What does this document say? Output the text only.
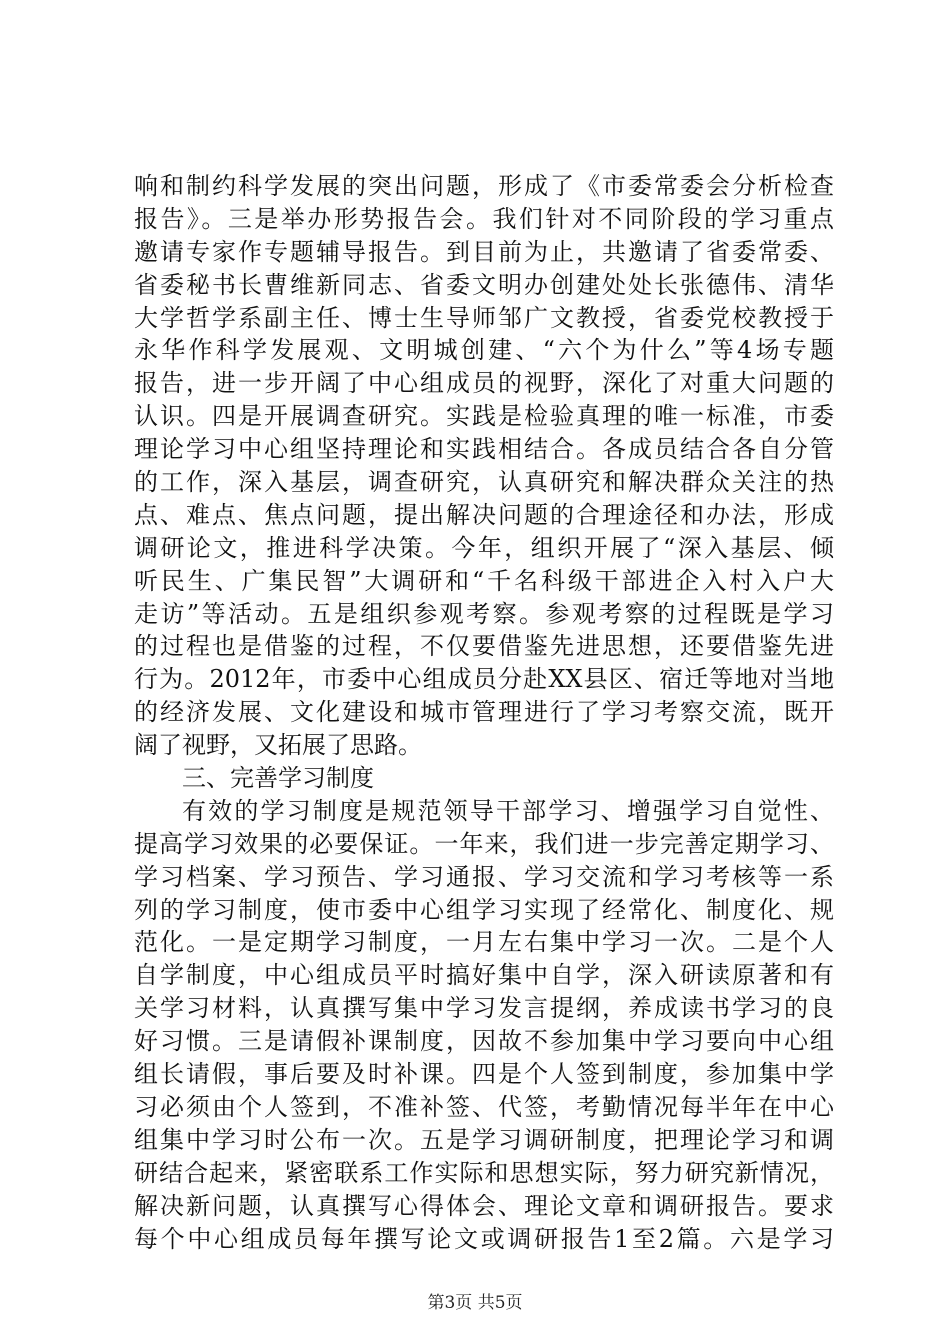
响和制约科学发展的突出问题，形成了《市委常委会分析检查
报告》。三是举办形势报告会。我们针对不同阶段的学习重点
邀请专家作专题辅导报告。到目前为止，共邀请了省委常委、
省委秘书长曹维新同志、省委文明办创建处处长张德伟、清华
大学哲学系副主任、博士生导师邹广文教授，省委党校教授于
永华作科学发展观、文明城创建、“六个为什么”等4场专题
报告，进一步开阔了中心组成员的视野，深化了对重大问题的
认识。四是开展调查研究。实践是检验真理的唯一标准，市委
理论学习中心组坚持理论和实践相结合。各成员结合各自分管
的工作，深入基层，调查研究，认真研究和解决群众关注的热
点、难点、焦点问题，提出解决问题的合理途径和办法，形成
调研论文，推进科学决策。今年，组织开展了“深入基层、倾
听民生、广集民智”大调研和“千名科级干部进企入村入户大
走访”等活动。五是组织参观考察。参观考察的过程既是学习
的过程也是借鉴的过程，不仅要借鉴先进思想，还要借鉴先进
行为。2012年，市委中心组成员分赴XX县区、宿迁等地对当地
的经济发展、文化建设和城市管理进行了学习考察交流，既开
阔了视野，又拓展了思路。
三、完善学习制度
有效的学习制度是规范领导干部学习、增强学习自觉性、
提高学习效果的必要保证。一年来，我们进一步完善定期学习、
学习档案、学习预告、学习通报、学习交流和学习考核等一系
列的学习制度，使市委中心组学习实现了经常化、制度化、规
范化。一是定期学习制度，一月左右集中学习一次。二是个人
自学制度，中心组成员平时搞好集中自学，深入研读原著和有
关学习材料，认真撰写集中学习发言提纲，养成读书学习的良
好习惯。三是请假补课制度，因故不参加集中学习要向中心组
组长请假，事后要及时补课。四是个人签到制度，参加集中学
习必须由个人签到，不准补签、代签，考勤情况每半年在中心
组集中学习时公布一次。五是学习调研制度，把理论学习和调
研结合起来，紧密联系工作实际和思想实际，努力研究新情况，
解决新问题，认真撰写心得体会、理论文章和调研报告。要求
每个中心组成员每年撰写论文或调研报告1至2篇。六是学习
第3页 共5页
